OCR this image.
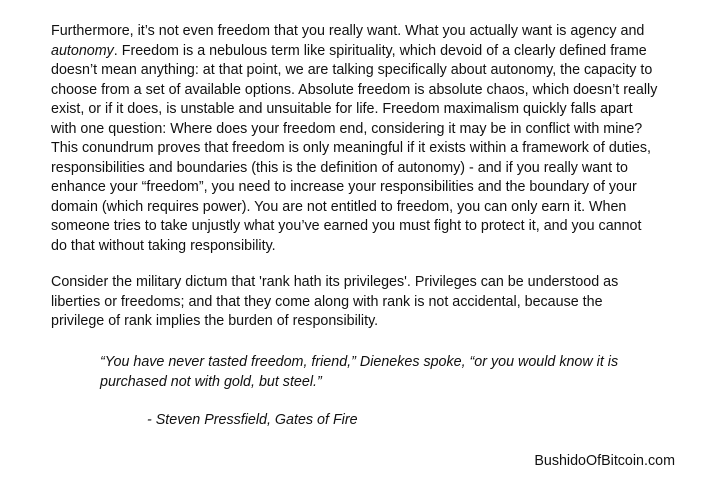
Furthermore, it’s not even freedom that you really want. What you actually want is agency and
autonomy. Freedom is a nebulous term like spirituality, which devoid of a clearly defined frame
doesn’t mean anything: at that point, we are talking specifically about autonomy, the capacity to
choose from a set of available options. Absolute freedom is absolute chaos, which doesn’t really
exist, or if it does, is unstable and unsuitable for life. Freedom maximalism quickly falls apart
with one question: Where does your freedom end, considering it may be in conflict with mine?
This conundrum proves that freedom is only meaningful if it exists within a framework of duties,
responsibilities and boundaries (this is the definition of autonomy) - and if you really want to
enhance your “freedom”, you need to increase your responsibilities and the boundary of your
domain (which requires power). You are not entitled to freedom, you can only earn it. When
someone tries to take unjustly what you’ve earned you must fight to protect it, and you cannot
do that without taking responsibility.

Consider the military dictum that 'rank hath its privileges'. Privileges can be understood as
liberties or freedoms; and that they come along with rank is not accidental, because the
privilege of rank implies the burden of responsibility.

“You have never tasted freedom, friend,” Dienekes spoke, “or you would know it is
purchased not with gold, but steel.”

- Steven Pressfield, Gates of Fire

BushidoOfBitcoin.com
